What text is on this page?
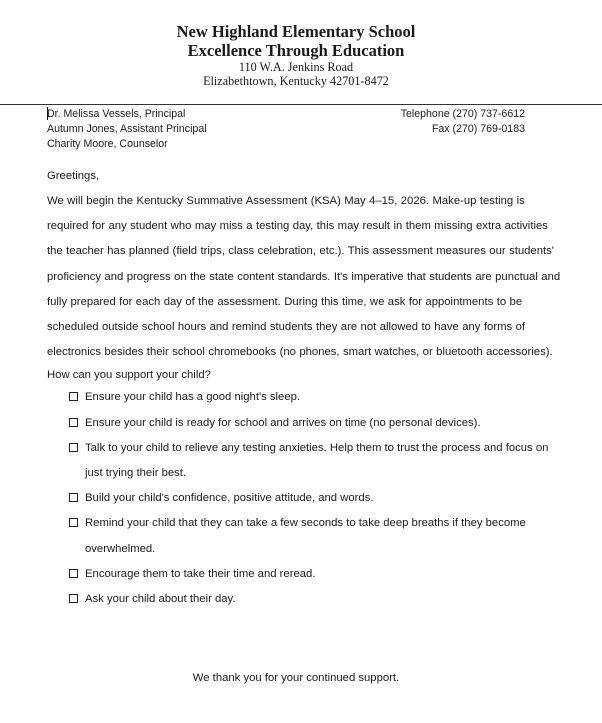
New Highland Elementary School
Excellence Through Education
110 W.A. Jenkins Road
Elizabethtown, Kentucky 42701-8472
Dr. Melissa Vessels, Principal
Autumn Jones, Assistant Principal
Charity Moore, Counselor
Telephone (270) 737-6612
Fax (270) 769-0183
Greetings,
We will begin the Kentucky Summative Assessment (KSA) May 4–15, 2026. Make-up testing is required for any student who may miss a testing day, this may result in them missing extra activities the teacher has planned (field trips, class celebration, etc.). This assessment measures our students' proficiency and progress on the state content standards. It's imperative that students are punctual and fully prepared for each day of the assessment. During this time, we ask for appointments to be scheduled outside school hours and remind students they are not allowed to have any forms of electronics besides their school chromebooks (no phones, smart watches, or bluetooth accessories).
How can you support your child?
Ensure your child has a good night's sleep.
Ensure your child is ready for school and arrives on time (no personal devices).
Talk to your child to relieve any testing anxieties. Help them to trust the process and focus on just trying their best.
Build your child's confidence, positive attitude, and words.
Remind your child that they can take a few seconds to take deep breaths if they become overwhelmed.
Encourage them to take their time and reread.
Ask your child about their day.
We thank you for your continued support.
